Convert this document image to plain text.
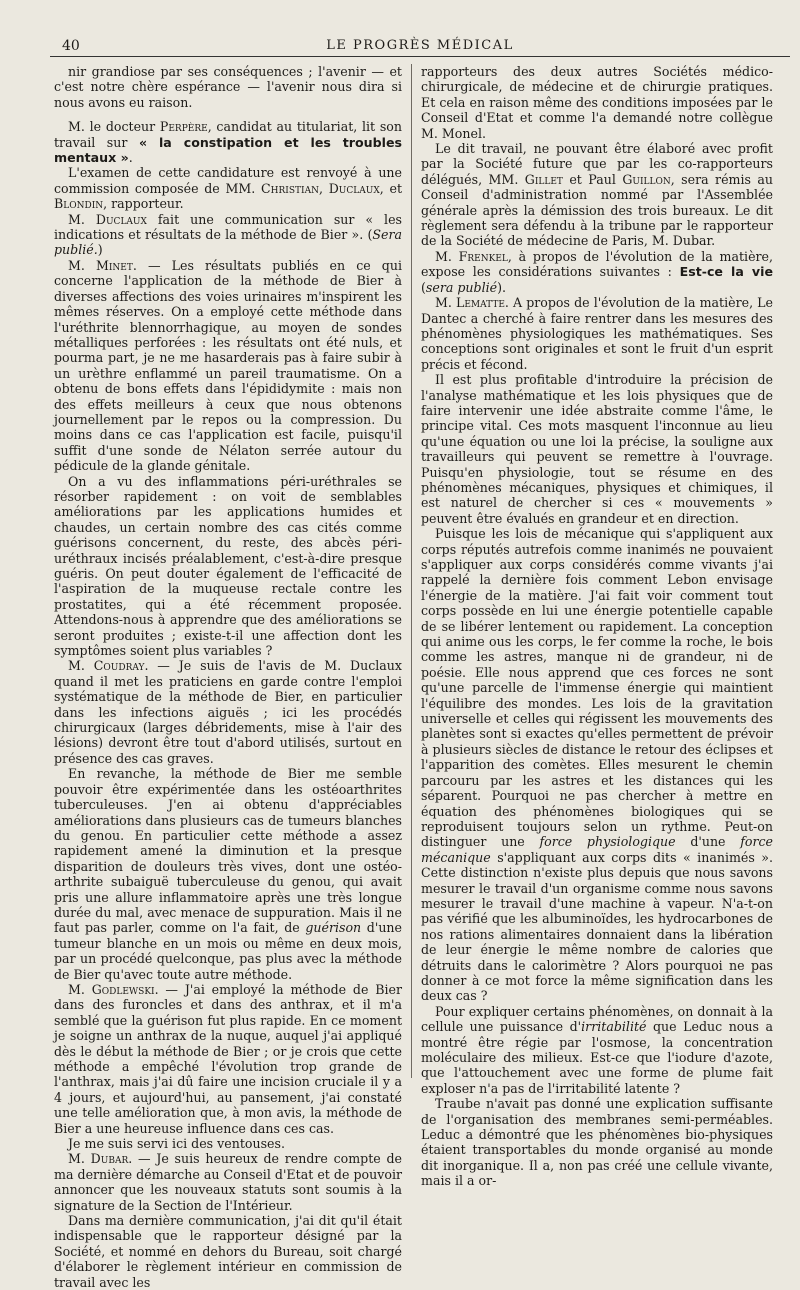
40	LE PROGRÈS MÉDICAL

nir grandiose par ses conséquences ; l'avenir — et c'est notre chère espérance — l'avenir nous dira si nous avons eu raison.

M. le docteur Perpère, candidat au titulariat, lit son travail sur « la constipation et les troubles mentaux ».

L'examen de cette candidature est renvoyé à une commission composée de MM. Christian, Duclaux, et Blondin, rapporteur.

M. Duclaux fait une communication sur « les indications et résultats de la méthode de Bier ». (Sera publié.)

M. Minet. — Les résultats publiés en ce qui concerne l'application de la méthode de Bier à diverses affections des voies urinaires m'inspirent les mêmes réserves. On a employé cette méthode dans l'uréthrite blennorrhagique, au moyen de sondes métalliques perforées : les résultats ont été nuls, et pourma part, je ne me hasarderais pas à faire subir à un urèthre enflammé un pareil traumatisme. On a obtenu de bons effets dans l'épididymite : mais non des effets meilleurs à ceux que nous obtenons journellement par le repos ou la compression. Du moins dans ce cas l'application est facile, puisqu'il suffit d'une sonde de Nélaton serrée autour du pédicule de la glande génitale.

On a vu des inflammations péri-uréthrales se résorber rapidement : on voit de semblables améliorations par les applications humides et chaudes, un certain nombre des cas cités comme guérisons concernent, du reste, des abcès péri-uréthraux incisés préalablement, c'est-à-dire presque guéris. On peut douter également de l'efficacité de l'aspiration de la muqueuse rectale contre les prostatites, qui a été récemment proposée. Attendons-nous à apprendre que des améliorations se seront produites ; existe-t-il une affection dont les symptômes soient plus variables ?

M. Coudray. — Je suis de l'avis de M. Duclaux quand il met les praticiens en garde contre l'emploi systématique de la méthode de Bier, en particulier dans les infections aiguës ; ici les procédés chirurgicaux (larges débridements, mise à l'air des lésions) devront être tout d'abord utilisés, surtout en présence des cas graves.

En revanche, la méthode de Bier me semble pouvoir être expérimentée dans les ostéoarthrites tuberculeuses. J'en ai obtenu d'appréciables améliorations dans plusieurs cas de tumeurs blanches du genou. En particulier cette méthode a assez rapidement amené la diminution et la presque disparition de douleurs très vives, dont une ostéo-arthrite subaiguë tuberculeuse du genou, qui avait pris une allure inflammatoire après une très longue durée du mal, avec menace de suppuration. Mais il ne faut pas parler, comme on l'a fait, de guérison d'une tumeur blanche en un mois ou même en deux mois, par un procédé quelconque, pas plus avec la méthode de Bier qu'avec toute autre méthode.

M. Godlewski. — J'ai employé la méthode de Bier dans des furoncles et dans des anthrax, et il m'a semblé que la guérison fut plus rapide. En ce moment je soigne un anthrax de la nuque, auquel j'ai appliqué dès le début la méthode de Bier ; or je crois que cette méthode a empêché l'évolution trop grande de l'anthrax, mais j'ai dû faire une incision cruciale il y a 4 jours, et aujourd'hui, au pansement, j'ai constaté une telle amélioration que, à mon avis, la méthode de Bier a une heureuse influence dans ces cas.

Je me suis servi ici des ventouses.

M. Dubar. — Je suis heureux de rendre compte de ma dernière démarche au Conseil d'Etat et de pouvoir annoncer que les nouveaux statuts sont soumis à la signature de la Section de l'Intérieur.

Dans ma dernière communication, j'ai dit qu'il était indispensable que le rapporteur désigné par la Société, et nommé en dehors du Bureau, soit chargé d'élaborer le règlement intérieur en commission de travail avec les

rapporteurs des deux autres Sociétés médico-chirurgicale, de médecine et de chirurgie pratiques. Et cela en raison même des conditions imposées par le Conseil d'Etat et comme l'a demandé notre collègue M. Monel.

Le dit travail, ne pouvant être élaboré avec profit par la Société future que par les co-rapporteurs délégués, MM. Gillet et Paul Guillon, sera rémis au Conseil d'administration nommé par l'Assemblée générale après la démission des trois bureaux. Le dit règlement sera défendu à la tribune par le rapporteur de la Société de médecine de Paris, M. Dubar.

M. Frenkel, à propos de l'évolution de la matière, expose les considérations suivantes : Est-ce la vie (sera publié).

M. Lematte. A propos de l'évolution de la matière, Le Dantec a cherché à faire rentrer dans les mesures des phénomènes physiologiques les mathématiques. Ses conceptions sont originales et sont le fruit d'un esprit précis et fécond.

Il est plus profitable d'introduire la précision de l'analyse mathématique et les lois physiques que de faire intervenir une idée abstraite comme l'âme, le principe vital. Ces mots masquent l'inconnue au lieu qu'une équation ou une loi la précise, la souligne aux travailleurs qui peuvent se remettre à l'ouvrage. Puisqu'en physiologie, tout se résume en des phénomènes mécaniques, physiques et chimiques, il est naturel de chercher si ces « mouvements » peuvent être évalués en grandeur et en direction.

Puisque les lois de mécanique qui s'appliquent aux corps réputés autrefois comme inanimés ne pouvaient s'appliquer aux corps considérés comme vivants j'ai rappelé la dernière fois comment Lebon envisage l'énergie de la matière. J'ai fait voir comment tout corps possède en lui une énergie potentielle capable de se libérer lentement ou rapidement. La conception qui anime ous les corps, le fer comme la roche, le bois comme les astres, manque ni de grandeur, ni de poésie. Elle nous apprend que ces forces ne sont qu'une parcelle de l'immense énergie qui maintient l'équilibre des mondes. Les lois de la gravitation universelle et celles qui régissent les mouvements des planètes sont si exactes qu'elles permettent de prévoir à plusieurs siècles de distance le retour des éclipses et l'apparition des comètes. Elles mesurent le chemin parcouru par les astres et les distances qui les séparent. Pourquoi ne pas chercher à mettre en équation des phénomènes biologiques qui se reproduisent toujours selon un rythme. Peut-on distinguer une force physiologique d'une force mécanique s'appliquant aux corps dits « inanimés ». Cette distinction n'existe plus depuis que nous savons mesurer le travail d'un organisme comme nous savons mesurer le travail d'une machine à vapeur. N'a-t-on pas vérifié que les albuminoïdes, les hydrocarbones de nos rations alimentaires donnaient dans la libération de leur énergie le même nombre de calories que détruits dans le calorimètre ? Alors pourquoi ne pas donner à ce mot force la même signification dans les deux cas ?

Pour expliquer certains phénomènes, on donnait à la cellule une puissance d'irritabilité que Leduc nous a montré être régie par l'osmose, la concentration moléculaire des milieux. Est-ce que l'iodure d'azote, que l'attouchement avec une forme de plume fait exploser n'a pas de l'irritabilité latente ?

Traube n'avait pas donné une explication suffisante de l'organisation des membranes semi-perméables. Leduc a démontré que les phénomènes bio-physiques étaient transportables du monde organisé au monde dit inorganique. Il a, non pas créé une cellule vivante, mais il a or-
